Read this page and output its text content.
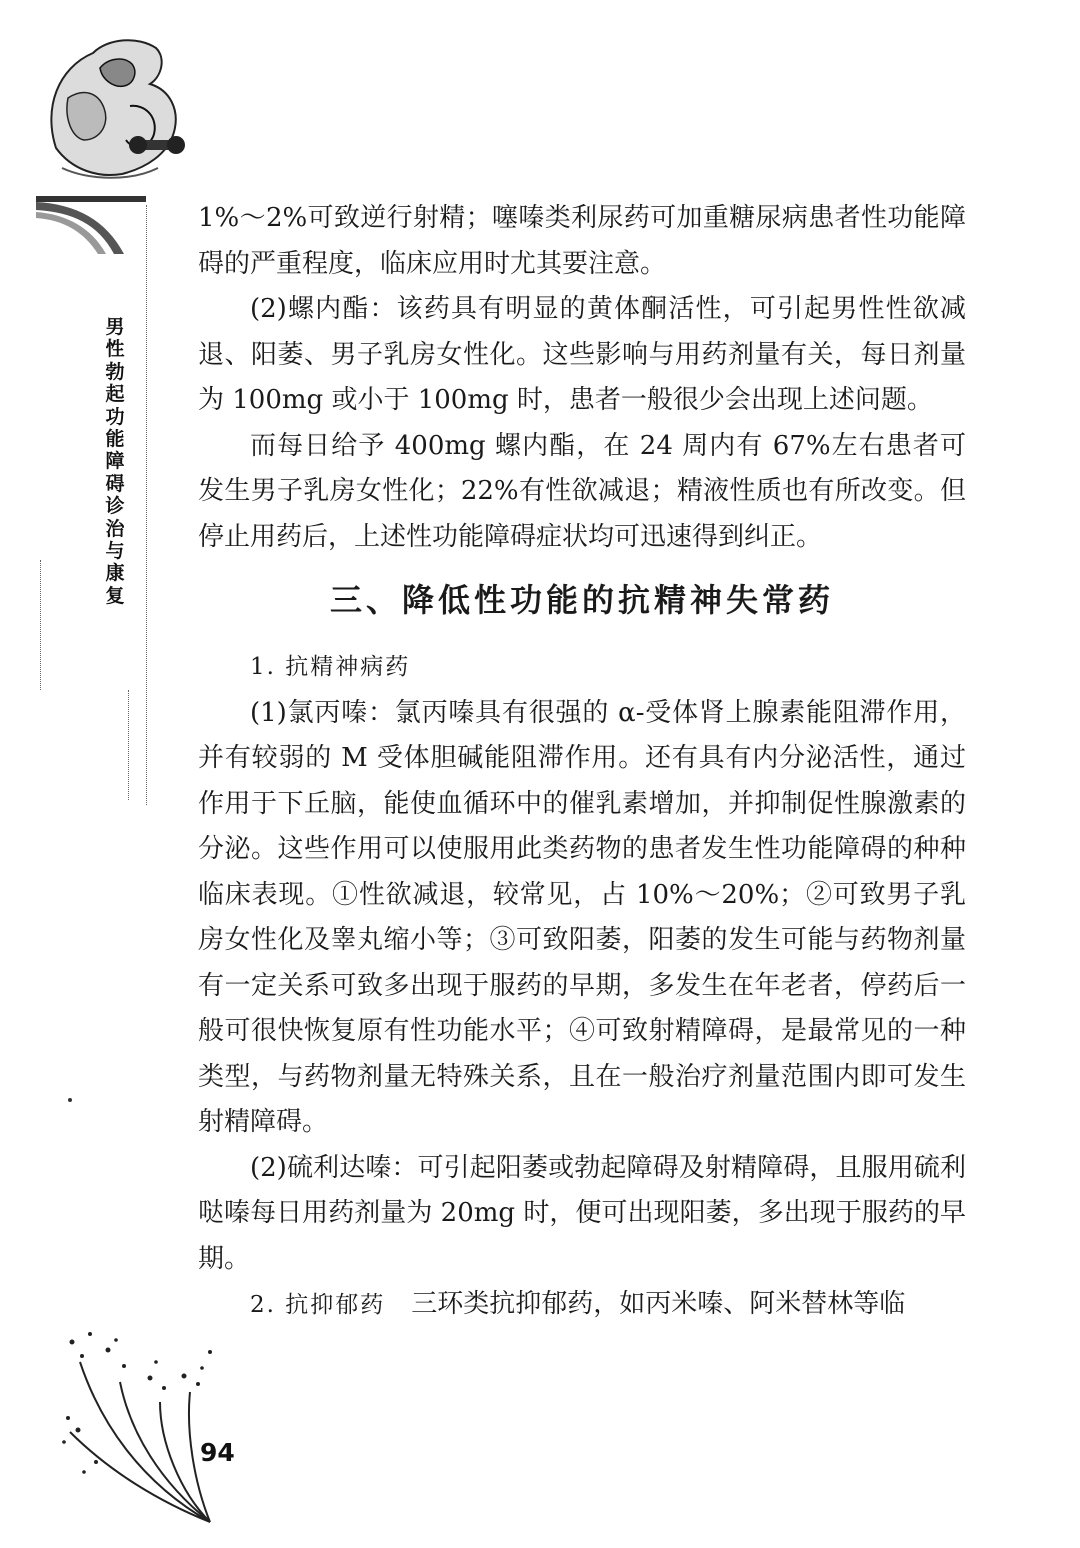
男
性
勃
起
功
能
障
碍
诊
治
与
康
复

1%～2%可致逆行射精；噻嗪类利尿药可加重糖尿病患者性功能障碍的严重程度，临床应用时尤其要注意。

(2)螺内酯：该药具有明显的黄体酮活性，可引起男性性欲减退、阳萎、男子乳房女性化。这些影响与用药剂量有关，每日剂量为 100mg 或小于 100mg 时，患者一般很少会出现上述问题。

而每日给予 400mg 螺内酯，在 24 周内有 67%左右患者可发生男子乳房女性化；22%有性欲减退；精液性质也有所改变。但停止用药后，上述性功能障碍症状均可迅速得到纠正。

三、降低性功能的抗精神失常药

1. 抗精神病药

(1)氯丙嗪：氯丙嗪具有很强的 α-受体肾上腺素能阻滞作用，并有较弱的 M 受体胆碱能阻滞作用。还有具有内分泌活性，通过作用于下丘脑，能使血循环中的催乳素增加，并抑制促性腺激素的分泌。这些作用可以使服用此类药物的患者发生性功能障碍的种种临床表现。①性欲减退，较常见，占 10%～20%；②可致男子乳房女性化及睾丸缩小等；③可致阳萎，阳萎的发生可能与药物剂量有一定关系可致多出现于服药的早期，多发生在年老者，停药后一般可很快恢复原有性功能水平；④可致射精障碍，是最常见的一种类型，与药物剂量无特殊关系，且在一般治疗剂量范围内即可发生射精障碍。

(2)硫利达嗪：可引起阳萎或勃起障碍及射精障碍，且服用硫利哒嗪每日用药剂量为 20mg 时，便可出现阳萎，多出现于服药的早期。

2. 抗抑郁药　 三环类抗抑郁药，如丙米嗪、阿米替林等临

94
